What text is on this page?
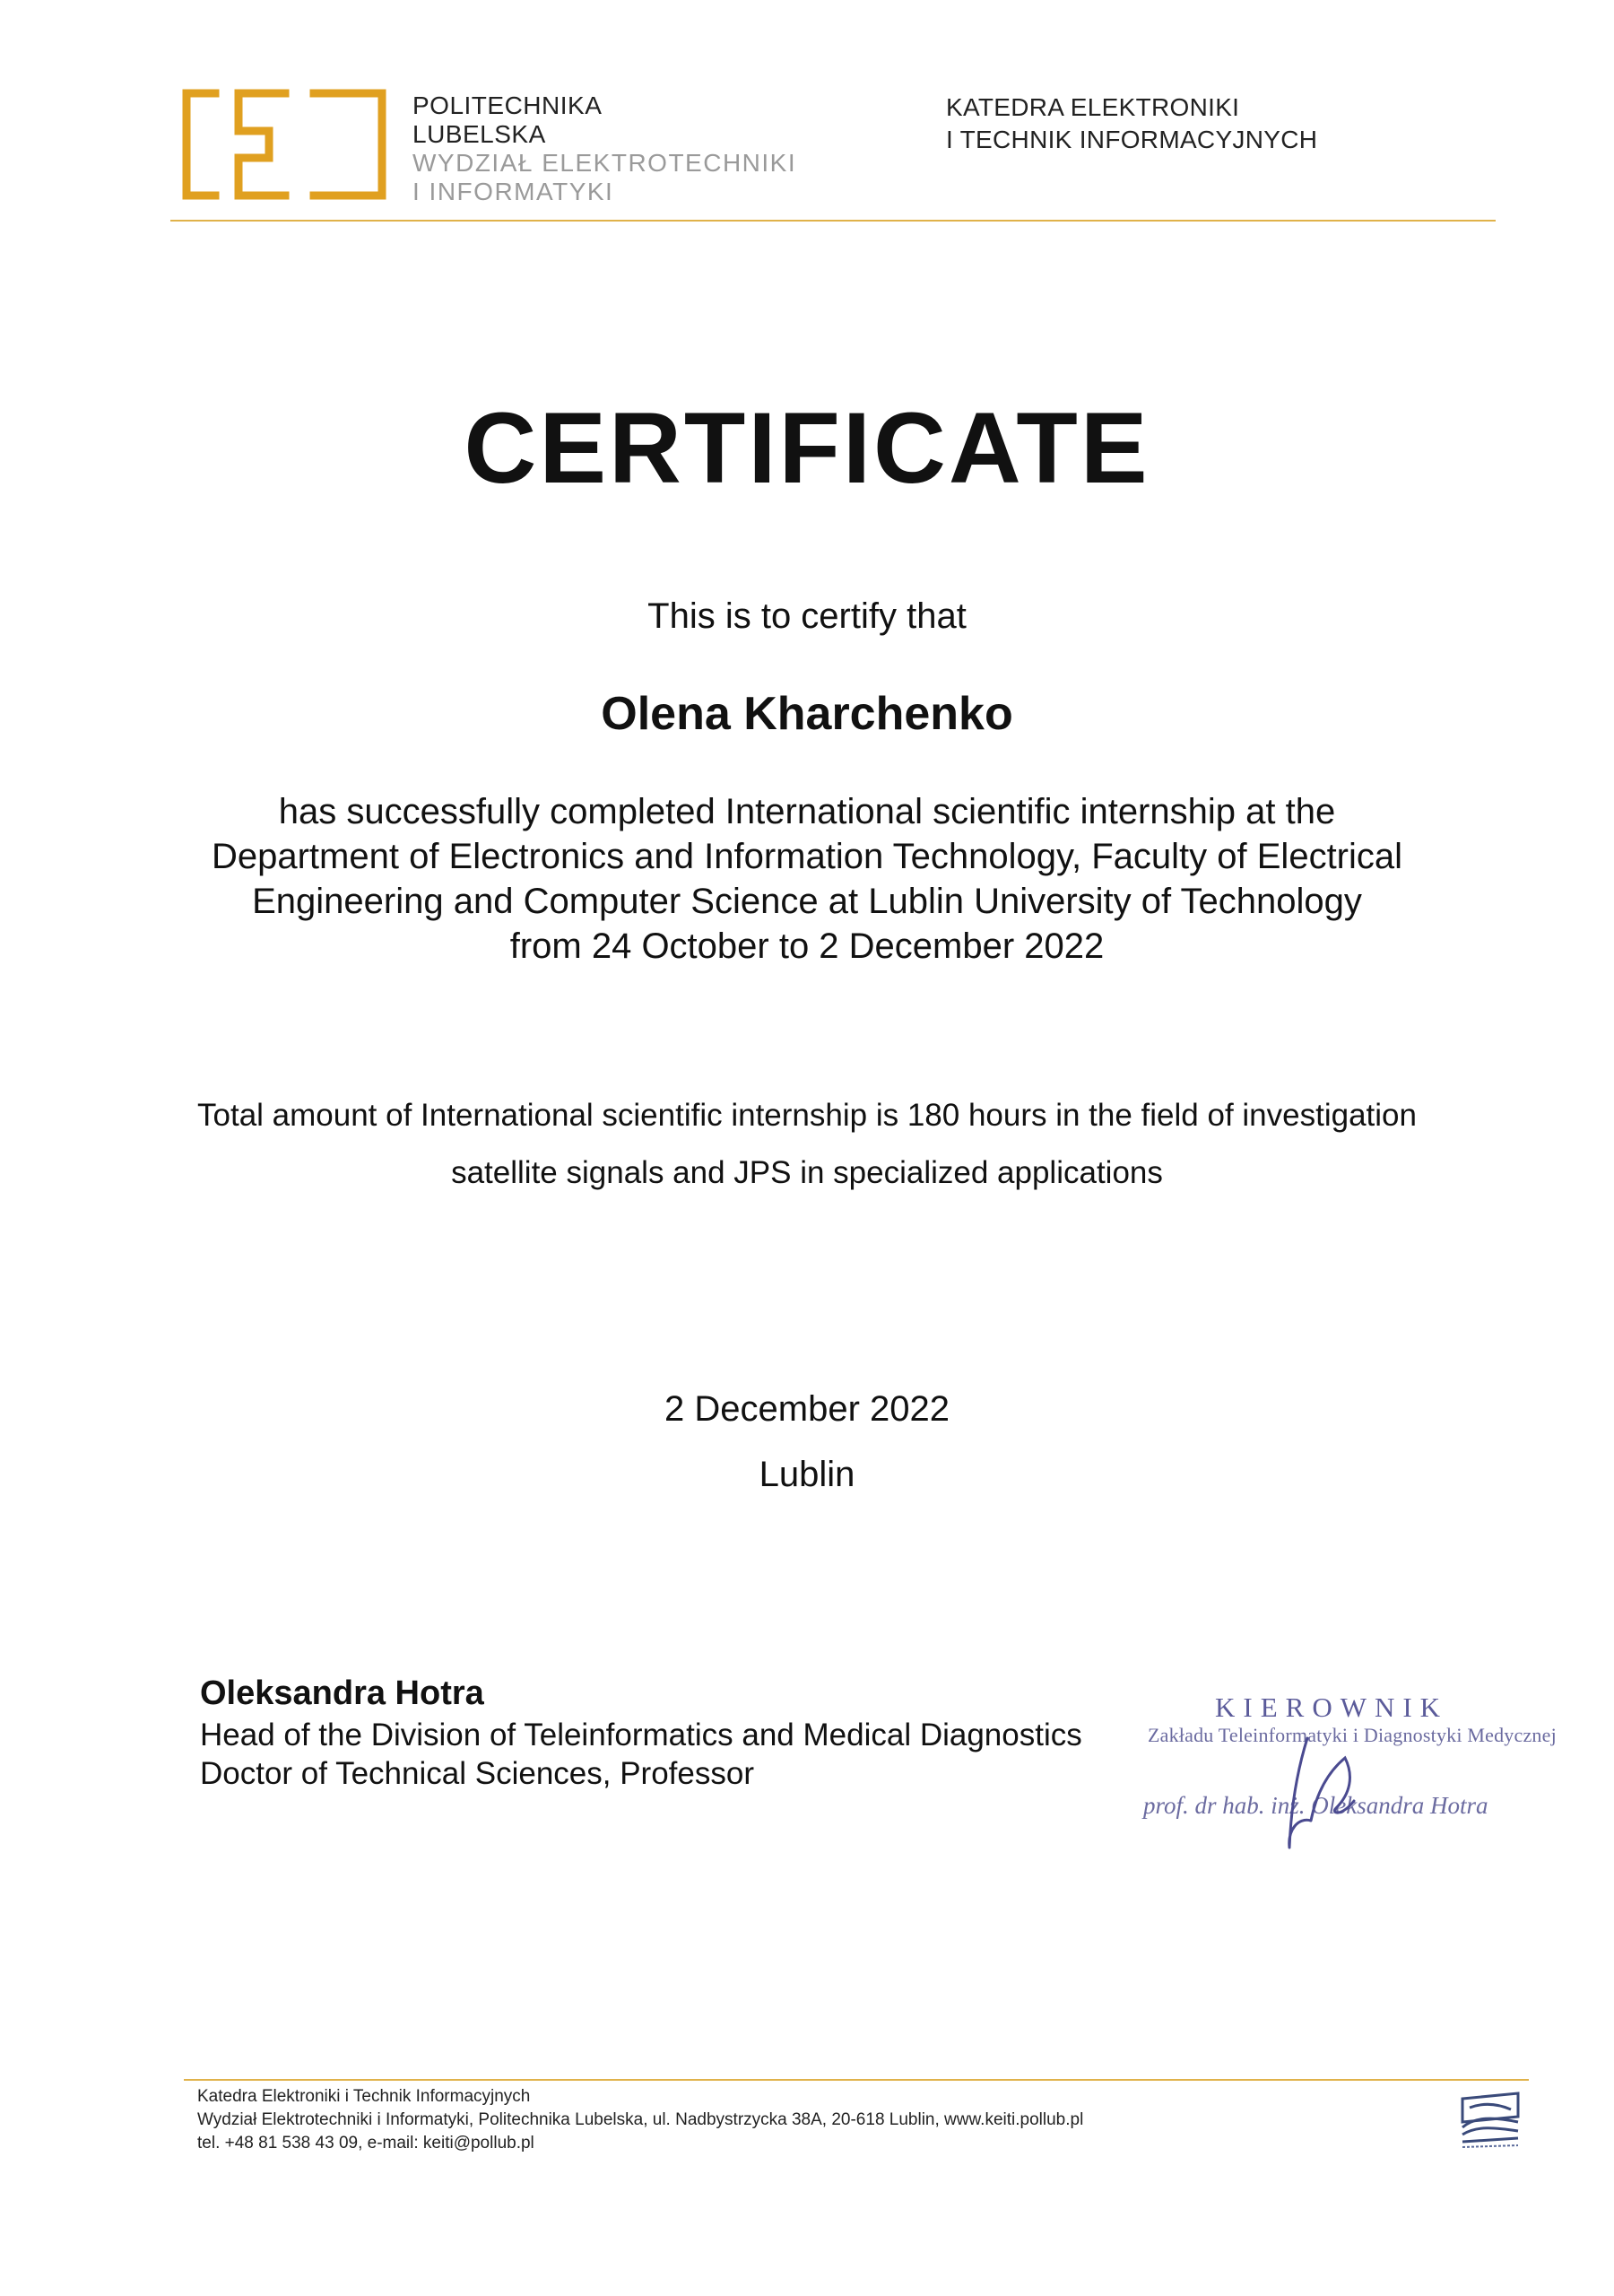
POLITECHNIKA
LUBELSKA
WYDZIAŁ ELEKTROTECHNIKI
I INFORMATYKI
KATEDRA ELEKTRONIKI
I TECHNIK INFORMACYJNYCH
CERTIFICATE
This is to certify that
Olena Kharchenko
has successfully completed International scientific internship at the
Department of Electronics and Information Technology, Faculty of Electrical
Engineering and Computer Science at Lublin University of Technology
from 24 October to 2 December 2022
Total amount of International scientific internship is 180 hours in the field of investigation
satellite signals and JPS in specialized applications
2 December 2022
Lublin
Oleksandra Hotra
Head of the Division of Teleinformatics and Medical Diagnostics
Doctor of Technical Sciences, Professor
KIEROWNIK
Zakładu Teleinformatyki i Diagnostyki Medycznej
prof. dr hab. inż. Oleksandra Hotra
Katedra Elektroniki i Technik Informacyjnych
Wydział Elektrotechniki i Informatyki, Politechnika Lubelska, ul. Nadbystrzycka 38A, 20-618 Lublin, www.keiti.pollub.pl
tel. +48 81 538 43 09, e-mail: keiti@pollub.pl
